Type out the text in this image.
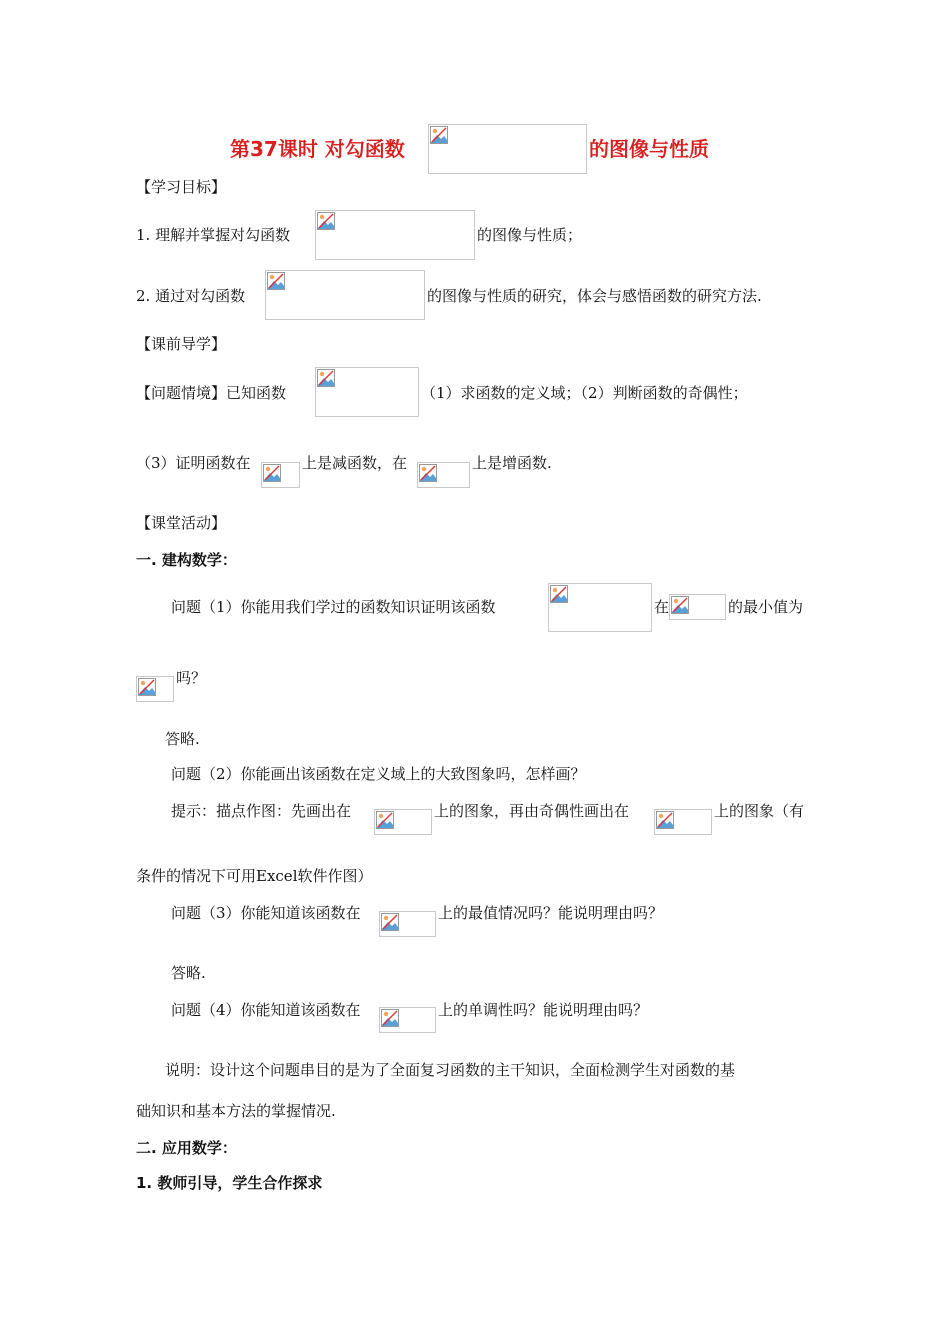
第37课时 对勾函数	的图像与性质
【学习目标】
1. 理解并掌握对勾函数	的图像与性质；
2. 通过对勾函数	的图像与性质的研究，体会与感悟函数的研究方法.
【课前导学】
【问题情境】已知函数	（1）求函数的定义域；（2）判断函数的奇偶性；
（3）证明函数在	上是减函数，在	上是增函数.
【课堂活动】
一. 建构数学：
问题（1）你能用我们学过的函数知识证明该函数	在	的最小值为
吗？
答略.
问题（2）你能画出该函数在定义域上的大致图象吗，怎样画？
提示：描点作图：先画出在	上的图象，再由奇偶性画出在	上的图象（有
条件的情况下可用Excel软件作图）
问题（3）你能知道该函数在	上的最值情况吗？能说明理由吗？
答略.
问题（4）你能知道该函数在	上的单调性吗？能说明理由吗？
说明：设计这个问题串目的是为了全面复习函数的主干知识，全面检测学生对函数的基
础知识和基本方法的掌握情况.
二. 应用数学：
1. 教师引导，学生合作探求
